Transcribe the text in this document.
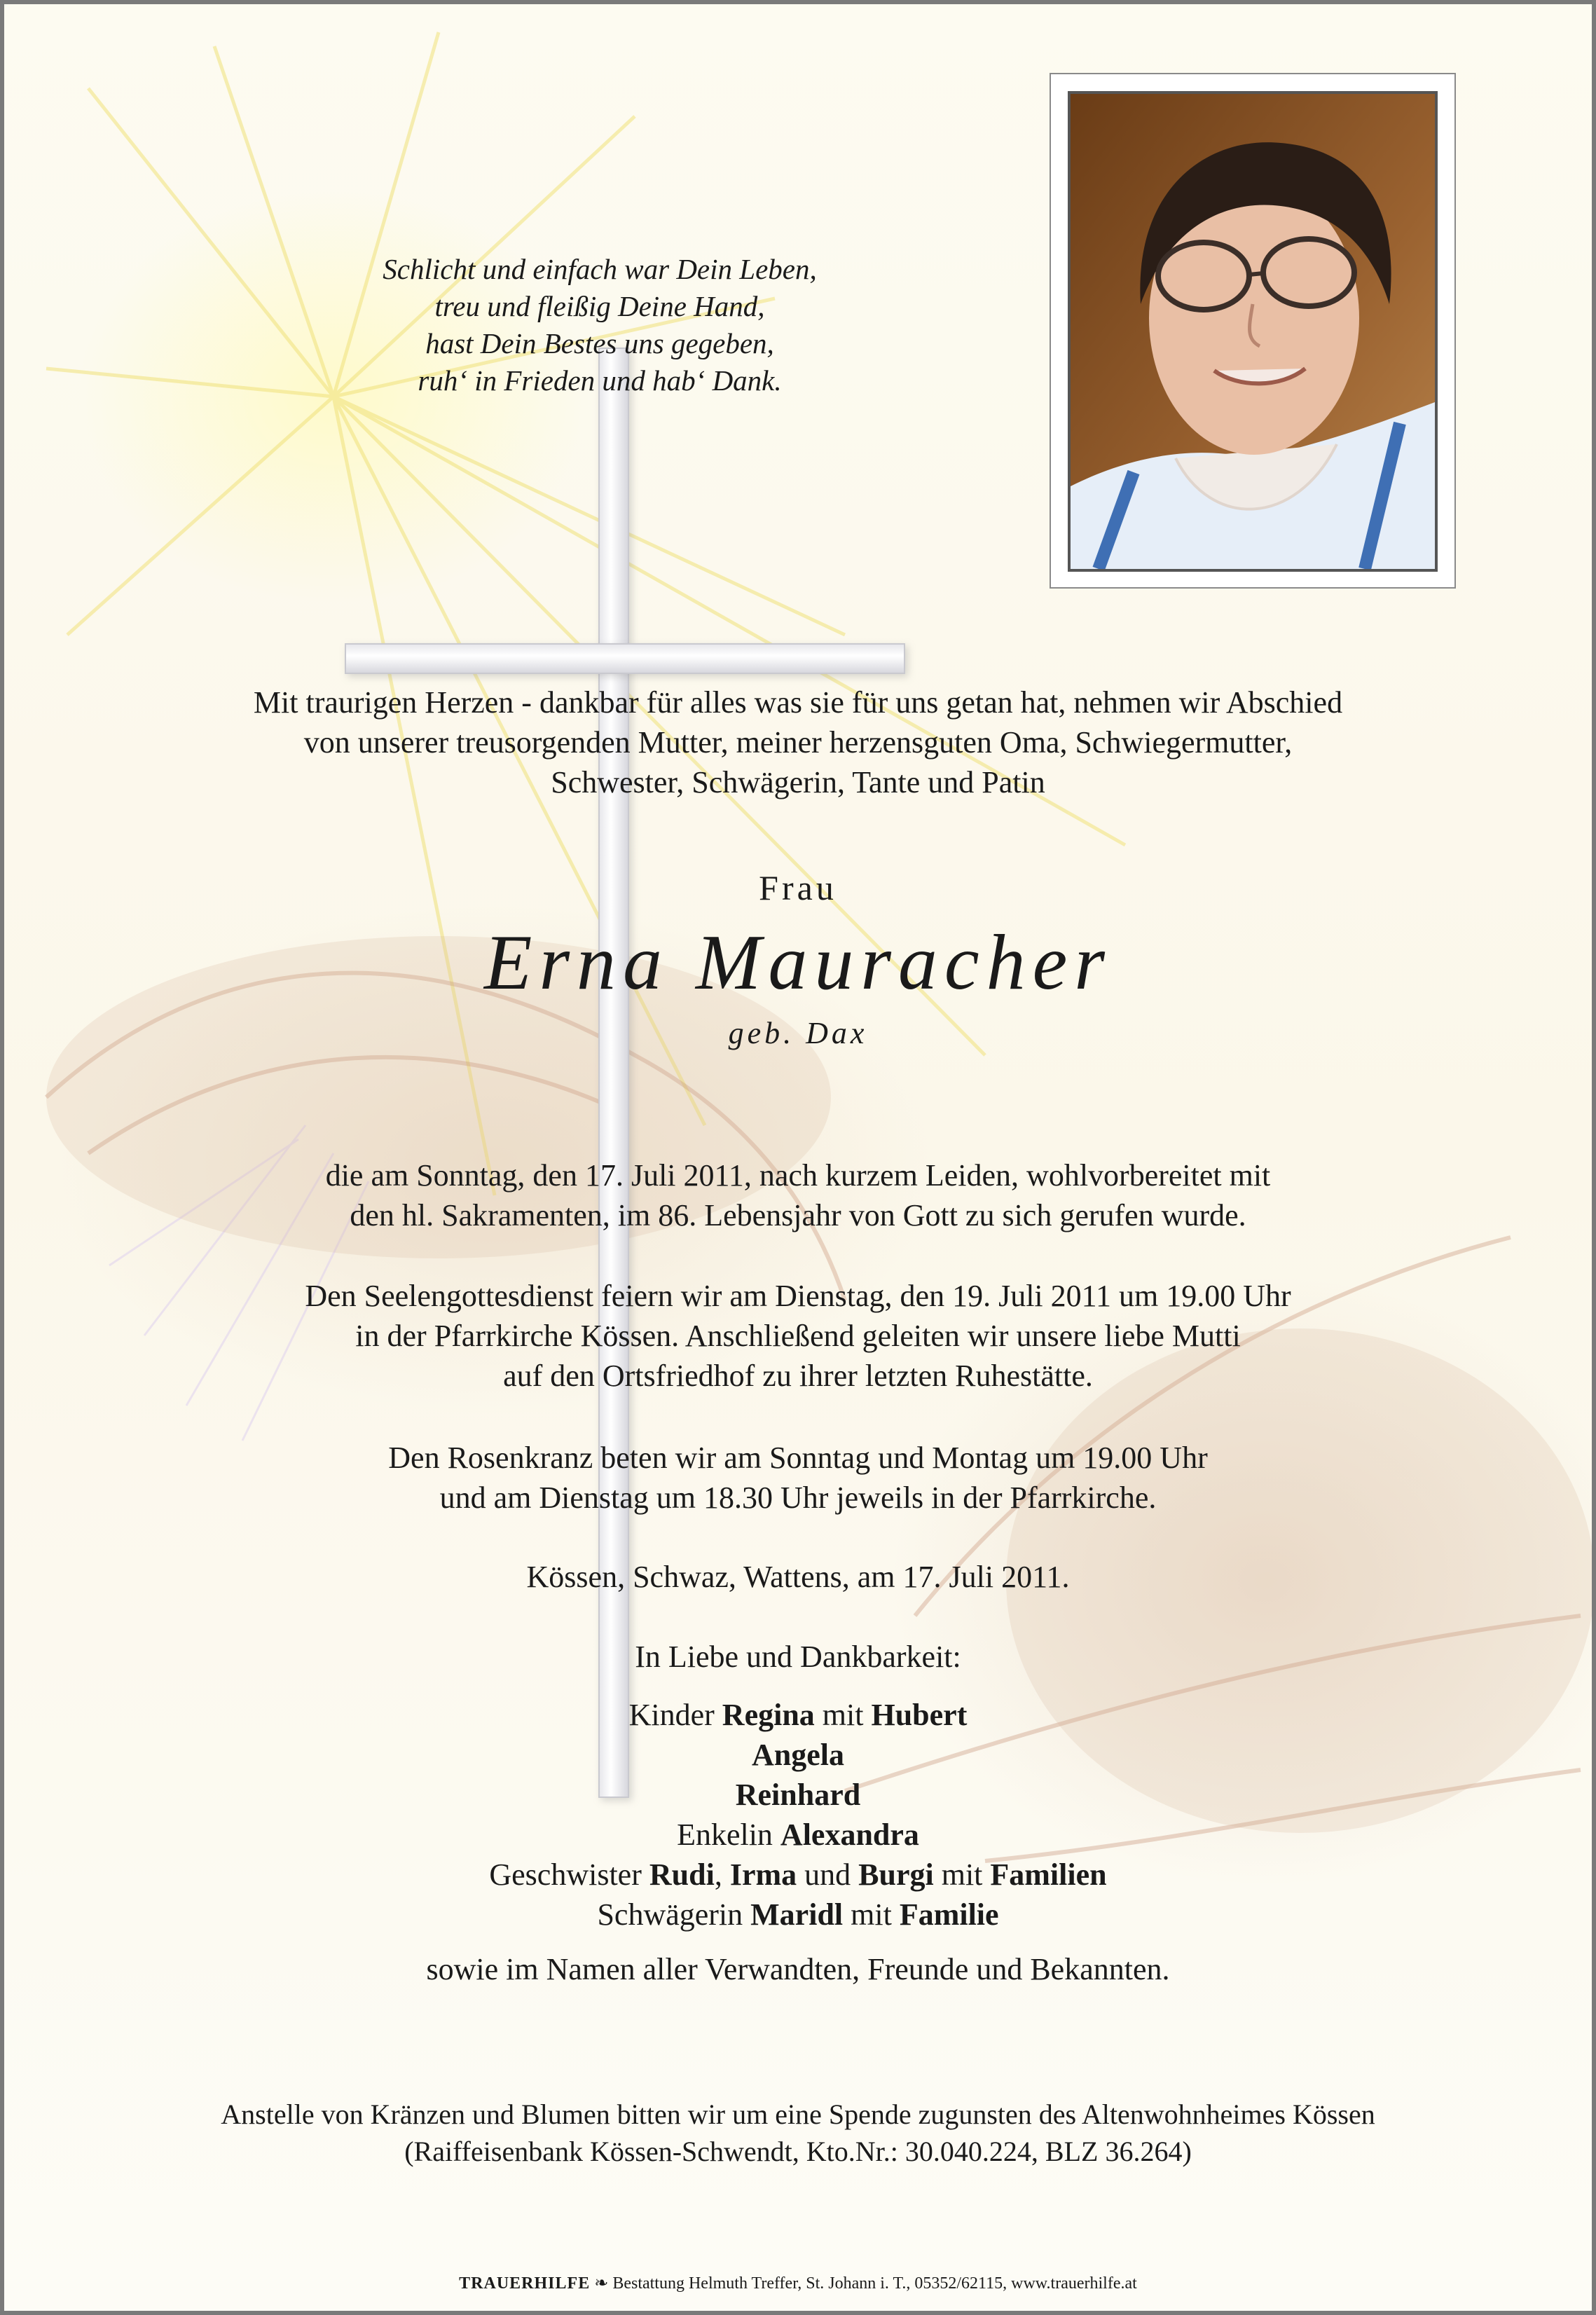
Schlicht und einfach war Dein Leben,
treu und fleißig Deine Hand,
hast Dein Bestes uns gegeben,
ruh‘ in Frieden und hab‘ Dank.
Mit traurigen Herzen - dankbar für alles was sie für uns getan hat, nehmen wir Abschied
von unserer treusorgenden Mutter, meiner herzensguten Oma, Schwiegermutter,
Schwester, Schwägerin, Tante und Patin
Frau
Erna Mauracher
geb. Dax
die am Sonntag, den 17. Juli 2011, nach kurzem Leiden, wohlvorbereitet mit
den hl. Sakramenten, im 86. Lebensjahr von Gott zu sich gerufen wurde.
Den Seelengottesdienst feiern wir am Dienstag, den 19. Juli 2011 um 19.00 Uhr
in der Pfarrkirche Kössen. Anschließend geleiten wir unsere liebe Mutti
auf den Ortsfriedhof zu ihrer letzten Ruhestätte.
Den Rosenkranz beten wir am Sonntag und Montag um 19.00 Uhr
und am Dienstag um 18.30 Uhr jeweils in der Pfarrkirche.
Kössen, Schwaz, Wattens, am 17. Juli 2011.
In Liebe und Dankbarkeit:
Kinder Regina mit Hubert
Angela
Reinhard
Enkelin Alexandra
Geschwister Rudi, Irma und Burgi mit Familien
Schwägerin Maridl mit Familie
sowie im Namen aller Verwandten, Freunde und Bekannten.
Anstelle von Kränzen und Blumen bitten wir um eine Spende zugunsten des Altenwohnheimes Kössen
(Raiffeisenbank Kössen-Schwendt, Kto.Nr.: 30.040.224, BLZ 36.264)
TRAUERHILFE ❧ Bestattung Helmuth Treffer, St. Johann i. T., 05352/62115, www.trauerhilfe.at
